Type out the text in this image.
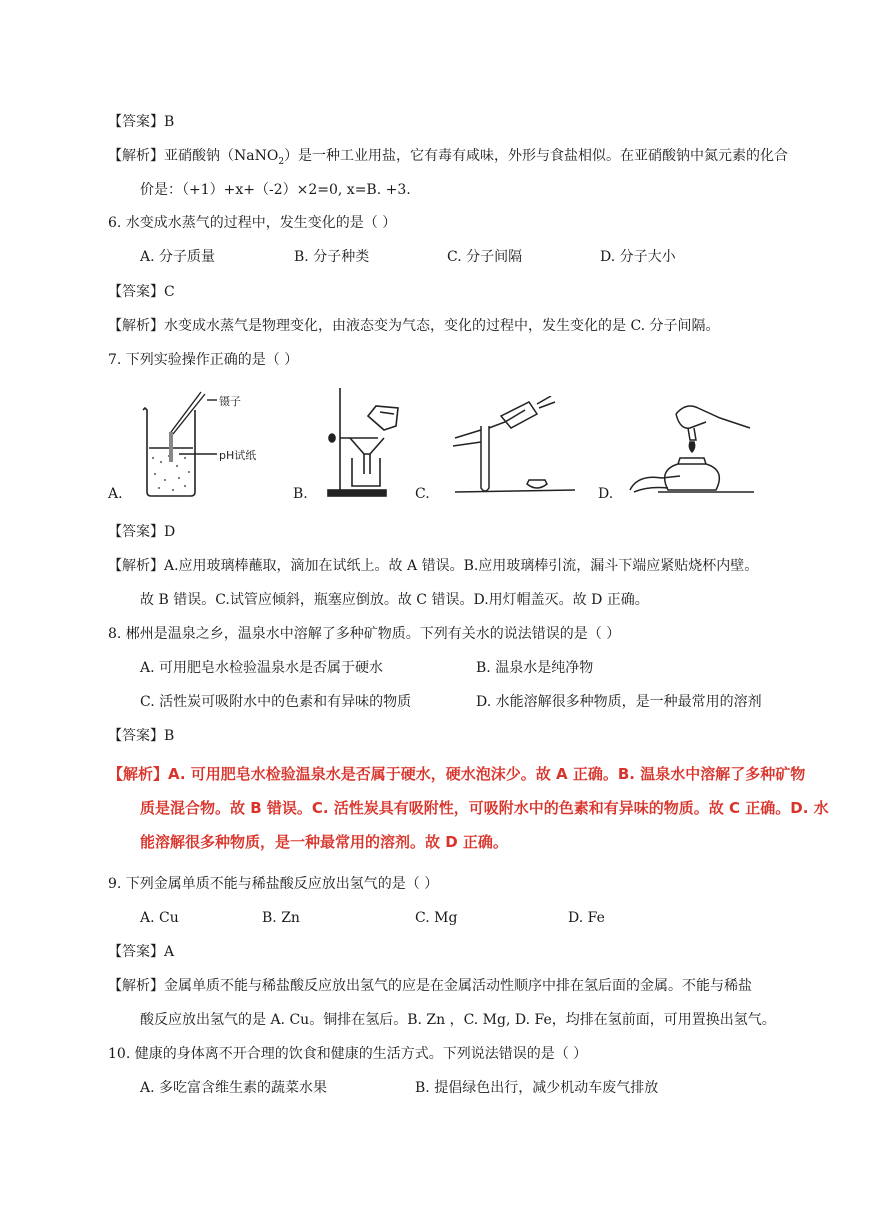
【答案】B
【解析】亚硝酸钠（NaNO$_2$）是一种工业用盐，它有毒有咸味，外形与食盐相似。在亚硝酸钠中氮元素的化合
价是：（+1）+x+（-2）×2=0, x=B. +3.
6. 水变成水蒸气的过程中，发生变化的是（ ）
A. 分子质量	B. 分子种类	C. 分子间隔	D. 分子大小
【答案】C
【解析】水变成水蒸气是物理变化，由液态变为气态，变化的过程中，发生变化的是 C. 分子间隔。
7. 下列实验操作正确的是（ ）
镊子
pH试纸
A.	B.	C.	D.
【答案】D
【解析】A.应用玻璃棒蘸取，滴加在试纸上。故 A 错误。B.应用玻璃棒引流，漏斗下端应紧贴烧杯内壁。
故 B 错误。C.试管应倾斜，瓶塞应倒放。故 C 错误。D.用灯帽盖灭。故 D 正确。
8. 郴州是温泉之乡，温泉水中溶解了多种矿物质。下列有关水的说法错误的是（ ）
A. 可用肥皂水检验温泉水是否属于硬水	B. 温泉水是纯净物
C. 活性炭可吸附水中的色素和有异味的物质	D. 水能溶解很多种物质，是一种最常用的溶剂
【答案】B
【解析】A. 可用肥皂水检验温泉水是否属于硬水，硬水泡沫少。故 A 正确。B. 温泉水中溶解了多种矿物
质是混合物。故 B 错误。C. 活性炭具有吸附性，可吸附水中的色素和有异味的物质。故 C 正确。D. 水
能溶解很多种物质，是一种最常用的溶剂。故 D 正确。
9. 下列金属单质不能与稀盐酸反应放出氢气的是（ ）
A. Cu	B. Zn	C. Mg	D. Fe
【答案】A
【解析】金属单质不能与稀盐酸反应放出氢气的应是在金属活动性顺序中排在氢后面的金属。不能与稀盐
酸反应放出氢气的是 A. Cu。铜排在氢后。B. Zn ，C. Mg, D. Fe，均排在氢前面，可用置换出氢气。
10. 健康的身体离不开合理的饮食和健康的生活方式。下列说法错误的是（ ）
A. 多吃富含维生素的蔬菜水果	B. 提倡绿色出行，减少机动车废气排放
